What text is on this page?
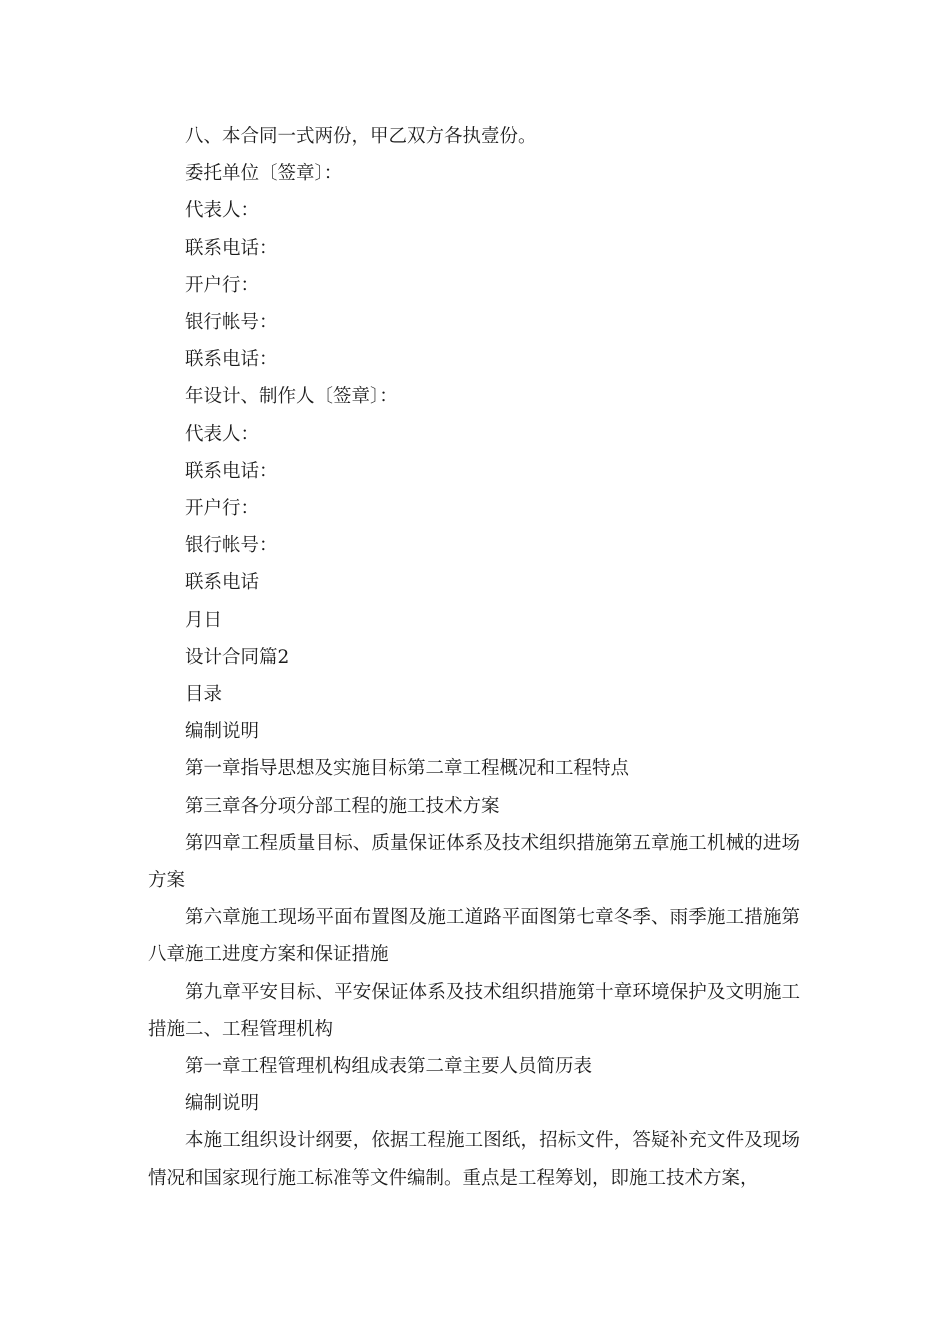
八、本合同一式两份，甲乙双方各执壹份。

委托单位〔签章〕：

代表人：

联系电话：

开户行：

银行帐号：

联系电话：

年设计、制作人〔签章〕：

代表人：

联系电话：

开户行：

银行帐号：

联系电话

月日

设计合同篇2

目录

编制说明

第一章指导思想及实施目标第二章工程概况和工程特点

第三章各分项分部工程的施工技术方案

第四章工程质量目标、质量保证体系及技术组织措施第五章施工机械的进场方案

第六章施工现场平面布置图及施工道路平面图第七章冬季、雨季施工措施第八章施工进度方案和保证措施

第九章平安目标、平安保证体系及技术组织措施第十章环境保护及文明施工措施二、工程管理机构

第一章工程管理机构组成表第二章主要人员简历表

编制说明

本施工组织设计纲要，依据工程施工图纸，招标文件，答疑补充文件及现场情况和国家现行施工标准等文件编制。重点是工程筹划，即施工技术方案，
